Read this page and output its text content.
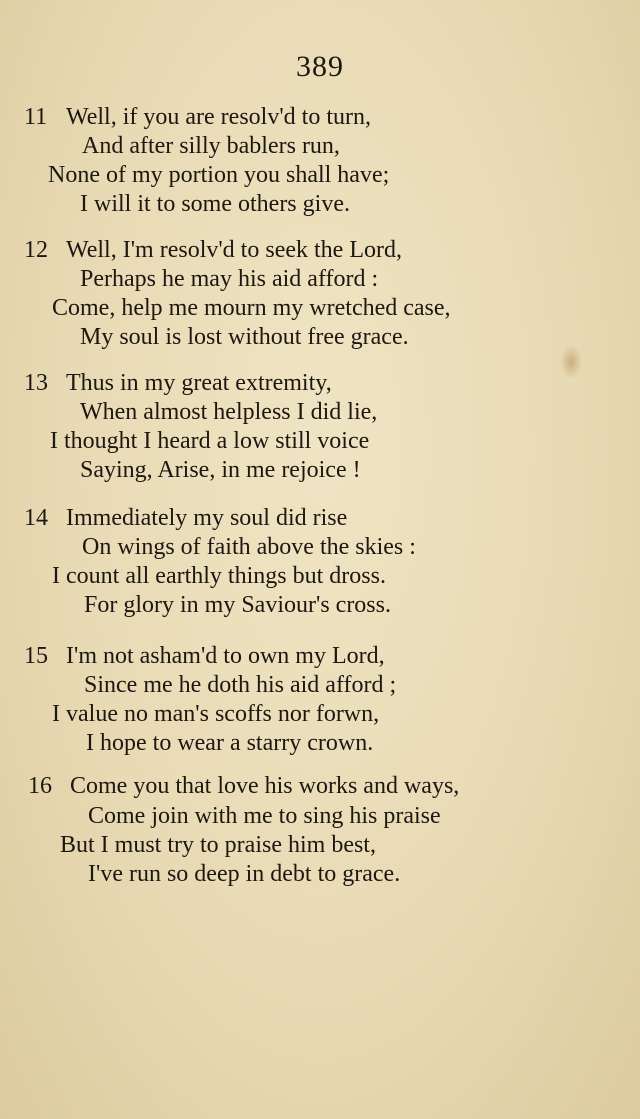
389
11 Well, if you are resolv'd to turn,
And after silly bablers run,
None of my portion you shall have;
I will it to some others give.
12 Well, I'm resolv'd to seek the Lord,
Perhaps he may his aid afford :
Come, help me mourn my wretched case,
My soul is lost without free grace.
13 Thus in my great extremity,
When almost helpless I did lie,
I thought I heard a low still voice
Saying, Arise, in me rejoice !
14 Immediately my soul did rise
On wings of faith above the skies :
I count all earthly things but dross.
For glory in my Saviour's cross.
15 I'm not asham'd to own my Lord,
Since me he doth his aid afford ;
I value no man's scoffs nor forwn,
I hope to wear a starry crown.
16 Come you that love his works and ways,
Come join with me to sing his praise
But I must try to praise him best,
I've run so deep in debt to grace.
